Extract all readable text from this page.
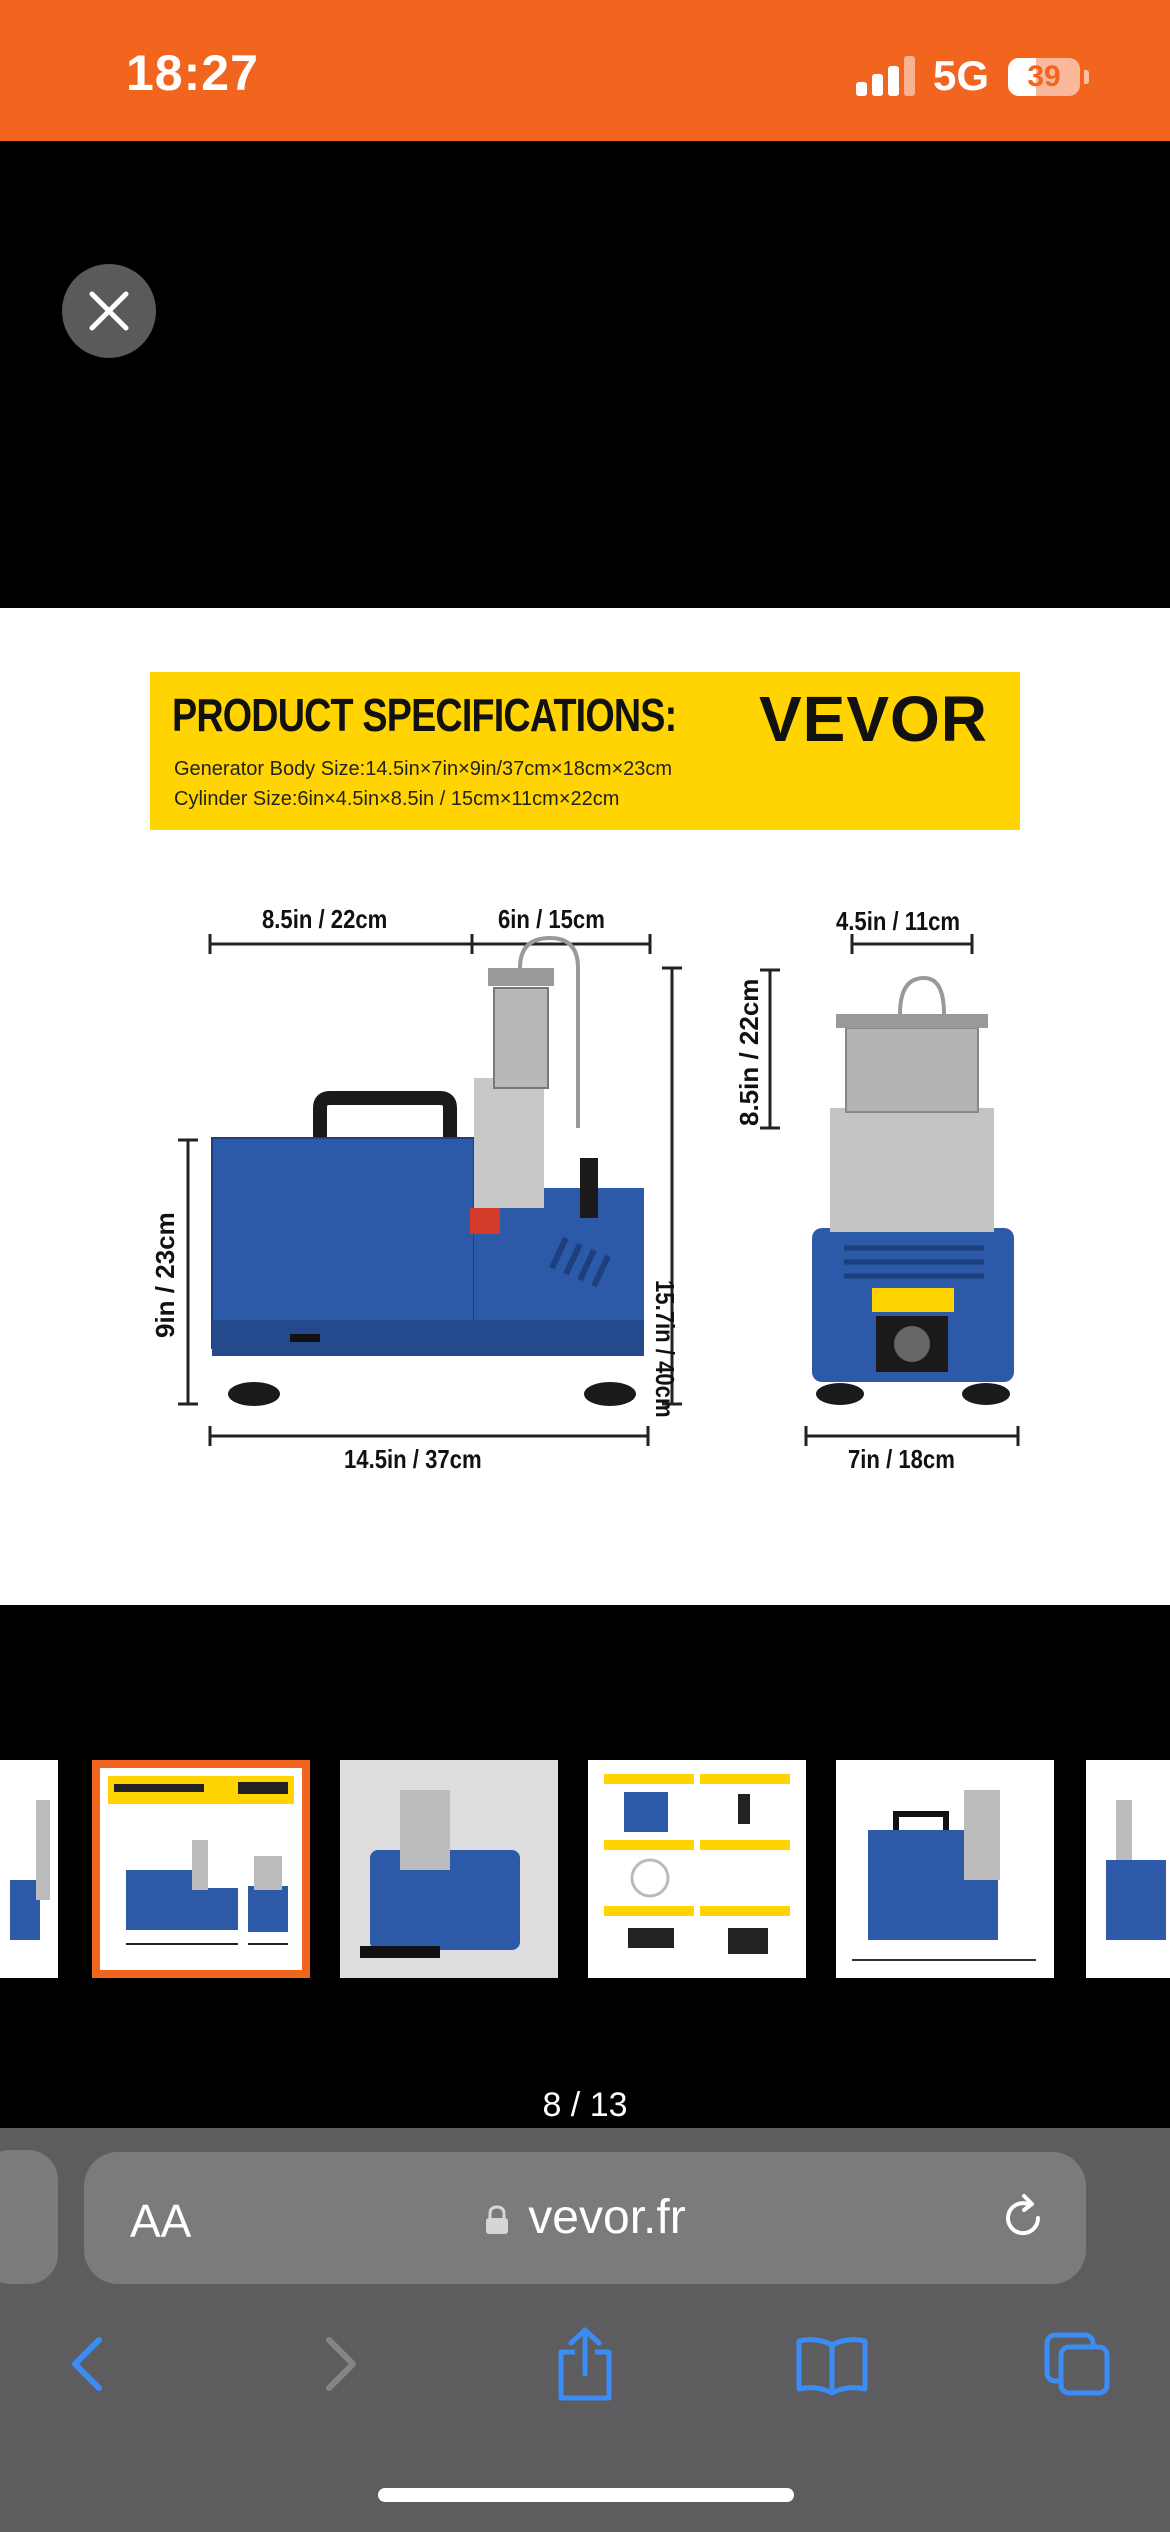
18:27	5G	39
PRODUCT SPECIFICATIONS: VEVOR
Generator Body Size:14.5in×7in×9in/37cm×18cm×23cm
Cylinder Size:6in×4.5in×8.5in / 15cm×11cm×22cm
8.5in / 22cm	6in / 15cm	4.5in / 11cm
9in / 23cm
15.7in / 40cm
8.5in / 22cm
14.5in / 37cm	7in / 18cm
8 / 13
AA	vevor.fr
